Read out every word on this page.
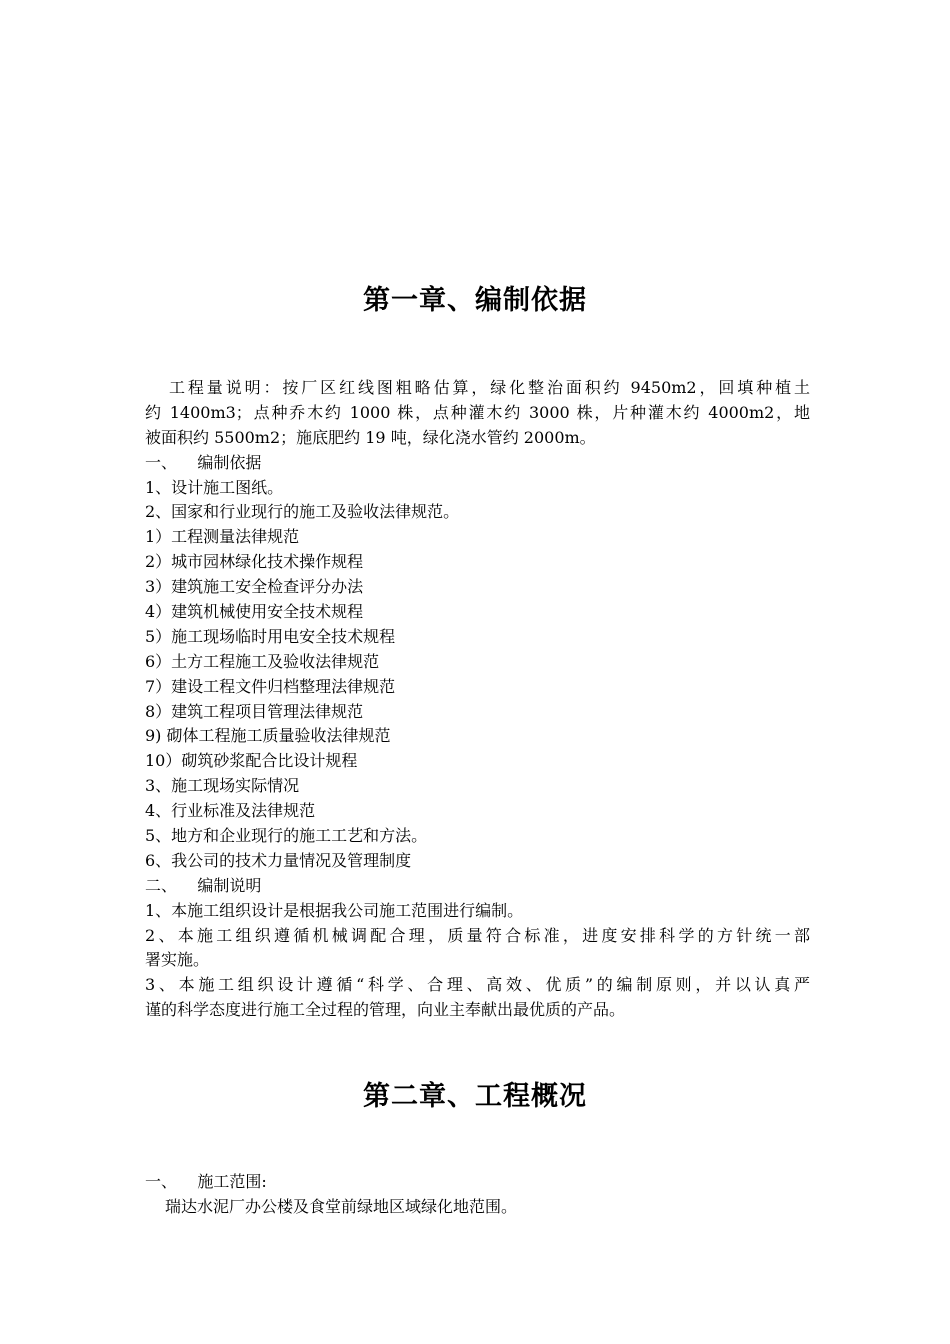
第一章、编制依据
工程量说明：按厂区红线图粗略估算，绿化整治面积约 9450m2，回填种植土
约 1400m3；点种乔木约 1000 株，点种灌木约 3000 株，片种灌木约 4000m2，地
被面积约 5500m2；施底肥约 19 吨，绿化浇水管约 2000m。
一、    编制依据
1、设计施工图纸。
2、国家和行业现行的施工及验收法律规范。
1）工程测量法律规范
2）城市园林绿化技术操作规程
3）建筑施工安全检查评分办法
4）建筑机械使用安全技术规程
5）施工现场临时用电安全技术规程
6）土方工程施工及验收法律规范
7）建设工程文件归档整理法律规范
8）建筑工程项目管理法律规范
9) 砌体工程施工质量验收法律规范
10）砌筑砂浆配合比设计规程
3、施工现场实际情况
4、行业标准及法律规范
5、地方和企业现行的施工工艺和方法。
6、我公司的技术力量情况及管理制度
二、    编制说明
1、本施工组织设计是根据我公司施工范围进行编制。
2、本施工组织遵循机械调配合理，质量符合标准，进度安排科学的方针统一部
署实施。
3、本施工组织设计遵循“科学、合理、高效、优质”的编制原则，并以认真严
谨的科学态度进行施工全过程的管理，向业主奉献出最优质的产品。
第二章、工程概况
一、    施工范围:
瑞达水泥厂办公楼及食堂前绿地区域绿化地范围。
